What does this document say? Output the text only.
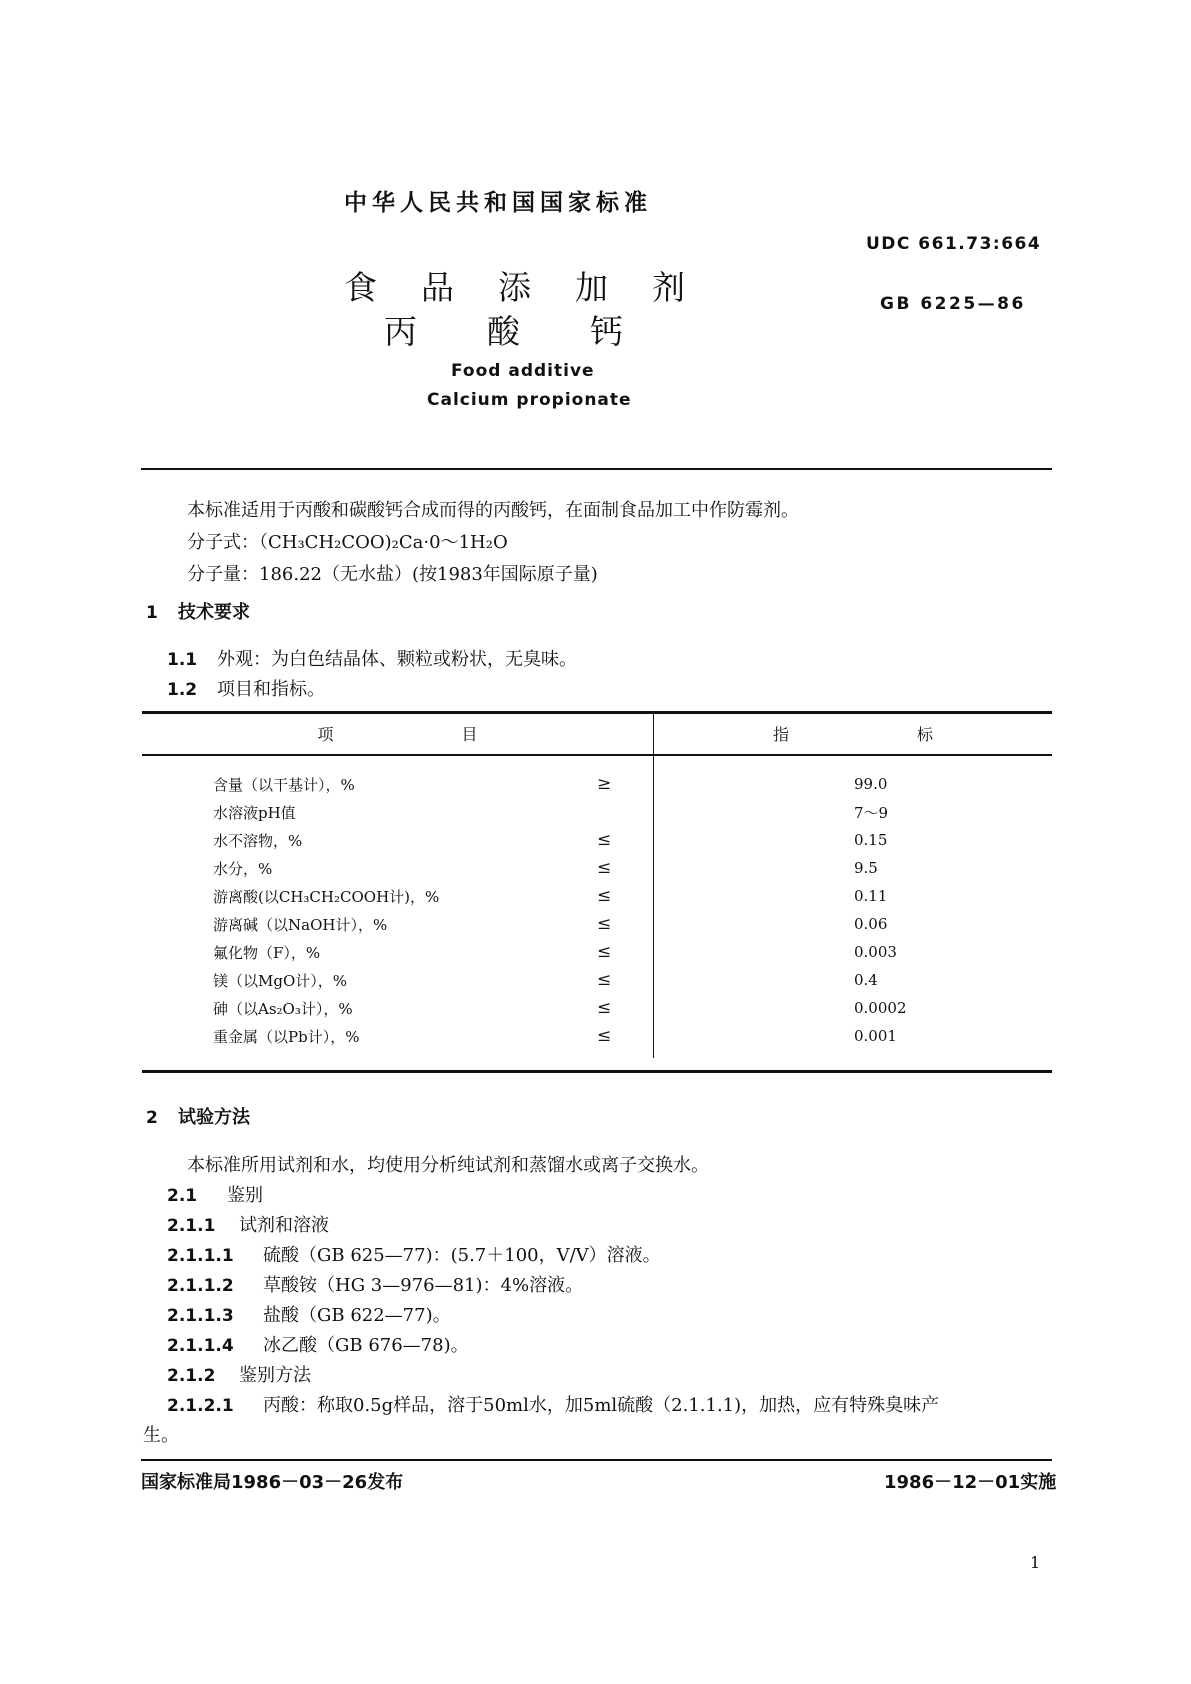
中华人民共和国国家标准
UDC 661.73:664
GB 6225—86
食 品 添 加 剂
丙 酸 钙
Food additive
Calcium propionate
本标准适用于丙酸和碳酸钙合成而得的丙酸钙，在面制食品加工中作防霉剂。
分子式：（CH₃CH₂COO)₂Ca·0～1H₂O
分子量：186.22（无水盐）(按1983年国际原子量)
1 技术要求
1.1 外观：为白色结晶体、颗粒或粉状，无臭味。
1.2 项目和指标。
项　　　　　　　　目		指　　　　　　　　标
含量（以干基计），%	≥	99.0
水溶液pH值		7～9
水不溶物，%	≤	0.15
水分，%	≤	9.5
游离酸(以CH₃CH₂COOH计)，%	≤	0.11
游离碱（以NaOH计），%	≤	0.06
氟化物（F），%	≤	0.003
镁（以MgO计），%	≤	0.4
砷（以As₂O₃计），%	≤	0.0002
重金属（以Pb计），%	≤	0.001
2 试验方法
本标准所用试剂和水，均使用分析纯试剂和蒸馏水或离子交换水。
2.1 鉴别
2.1.1 试剂和溶液
2.1.1.1 硫酸（GB 625—77)：(5.7＋100，V/V）溶液。
2.1.1.2 草酸铵（HG 3—976—81)：4%溶液。
2.1.1.3 盐酸（GB 622—77)。
2.1.1.4 冰乙酸（GB 676—78)。
2.1.2 鉴别方法
2.1.2.1 丙酸：称取0.5g样品，溶于50ml水，加5ml硫酸（2.1.1.1)，加热，应有特殊臭味产
生。
国家标准局1986－03－26发布	1986－12－01实施
1
